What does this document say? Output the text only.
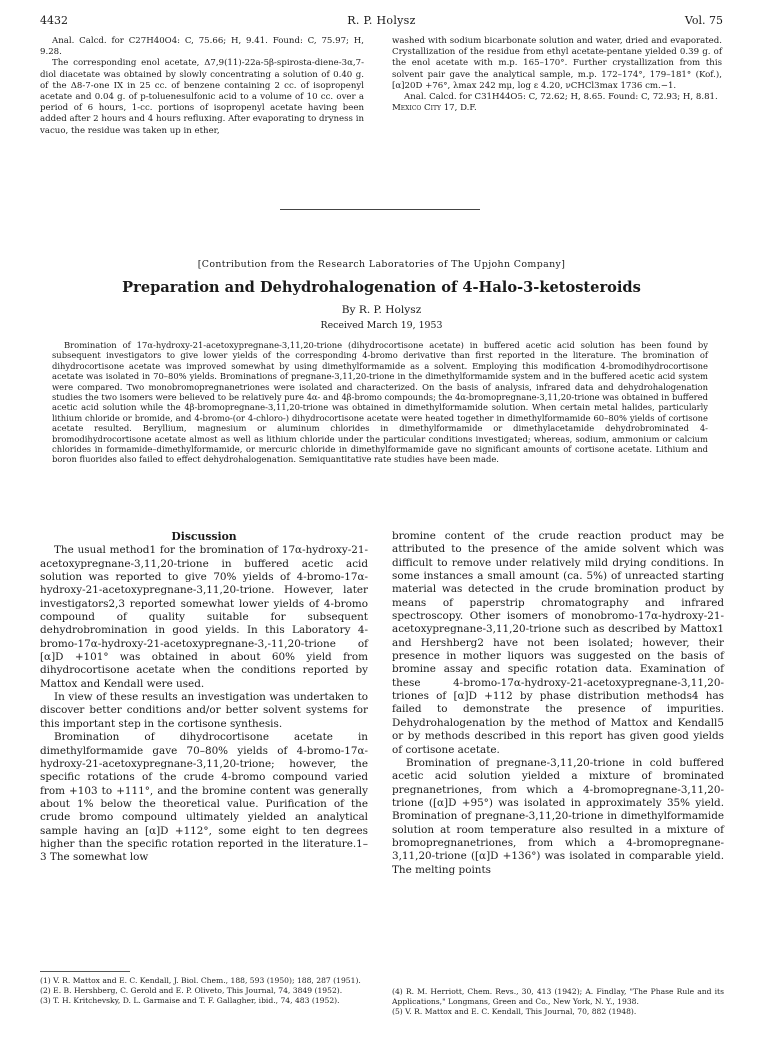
4432	R. P. Holysz	Vol. 75

Anal. Calcd. for C27H40O4: C, 75.66; H, 9.41. Found: C, 75.97; H, 9.28.

The corresponding enol acetate, Δ7,9(11)-22a-5β-spirosta-diene-3α,7-diol diacetate was obtained by slowly concentrating a solution of 0.40 g. of the Δ8-7-one IX in 25 cc. of benzene containing 2 cc. of isopropenyl acetate and 0.04 g. of p-toluenesulfonic acid to a volume of 10 cc. over a period of 6 hours, 1-cc. portions of isopropenyl acetate having been added after 2 hours and 4 hours refluxing. After evaporating to dryness in vacuo, the residue was taken up in ether,

washed with sodium bicarbonate solution and water, dried and evaporated. Crystallization of the residue from ethyl acetate-pentane yielded 0.39 g. of the enol acetate with m.p. 165–170°. Further crystallization from this solvent pair gave the analytical sample, m.p. 172–174°, 179–181° (Kof.), [α]20D +76°, λmax 242 mμ, log ε 4.20, νCHCl3max 1736 cm.−1.

Anal. Calcd. for C31H44O5: C, 72.62; H, 8.65. Found: C, 72.93; H, 8.81.

Mexico City 17, D.F.

[Contribution from the Research Laboratories of The Upjohn Company]
Preparation and Dehydrohalogenation of 4-Halo-3-ketosteroids
By R. P. Holysz
Received March 19, 1953
Bromination of 17α-hydroxy-21-acetoxypregnane-3,11,20-trione (dihydrocortisone acetate) in buffered acetic acid solution has been found by subsequent investigators to give lower yields of the corresponding 4-bromo derivative than first reported in the literature. The bromination of dihydrocortisone acetate was improved somewhat by using dimethylformamide as a solvent. Employing this modification 4-bromodihydrocortisone acetate was isolated in 70–80% yields. Brominations of pregnane-3,11,20-trione in the dimethylformamide system and in the buffered acetic acid system were compared. Two monobromopregnanetriones were isolated and characterized. On the basis of analysis, infrared data and dehydrohalogenation studies the two isomers were believed to be relatively pure 4α- and 4β-bromo compounds; the 4α-bromopregnane-3,11,20-trione was obtained in buffered acetic acid solution while the 4β-bromopregnane-3,11,20-trione was obtained in dimethylformamide solution. When certain metal halides, particularly lithium chloride or bromide, and 4-bromo-(or 4-chloro-) dihydrocortisone acetate were heated together in dimethylformamide 60–80% yields of cortisone acetate resulted. Beryllium, magnesium or aluminum chlorides in dimethylformamide or dimethylacetamide dehydrobrominated 4-bromodihydrocortisone acetate almost as well as lithium chloride under the particular conditions investigated; whereas, sodium, ammonium or calcium chlorides in formamide–dimethylformamide, or mercuric chloride in dimethylformamide gave no significant amounts of cortisone acetate. Lithium and boron fluorides also failed to effect dehydrohalogenation. Semiquantitative rate studies have been made.
Discussion

The usual method1 for the bromination of 17α-hydroxy-21-acetoxypregnane-3,11,20-trione in buffered acetic acid solution was reported to give 70% yields of 4-bromo-17α-hydroxy-21-acetoxypregnane-3,11,20-trione. However, later investigators2,3 reported somewhat lower yields of 4-bromo compound of quality suitable for subsequent dehydrobromination in good yields. In this Laboratory 4-bromo-17α-hydroxy-21-acetoxypregnane-3,-11,20-trione of [α]D +101° was obtained in about 60% yield from dihydrocortisone acetate when the conditions reported by Mattox and Kendall were used.

In view of these results an investigation was undertaken to discover better conditions and/or better solvent systems for this important step in the cortisone synthesis.

Bromination of dihydrocortisone acetate in dimethylformamide gave 70–80% yields of 4-bromo-17α-hydroxy-21-acetoxypregnane-3,11,20-trione; however, the specific rotations of the crude 4-bromo compound varied from +103 to +111°, and the bromine content was generally about 1% below the theoretical value. Purification of the crude bromo compound ultimately yielded an analytical sample having an [α]D +112°, some eight to ten degrees higher than the specific rotation reported in the literature.1–3 The somewhat low

bromine content of the crude reaction product may be attributed to the presence of the amide solvent which was difficult to remove under relatively mild drying conditions. In some instances a small amount (ca. 5%) of unreacted starting material was detected in the crude bromination product by means of paperstrip chromatography and infrared spectroscopy. Other isomers of monobromo-17α-hydroxy-21-acetoxypregnane-3,11,20-trione such as described by Mattox1 and Hershberg2 have not been isolated; however, their presence in mother liquors was suggested on the basis of bromine assay and specific rotation data. Examination of these 4-bromo-17α-hydroxy-21-acetoxypregnane-3,11,20-triones of [α]D +112 by phase distribution methods4 has failed to demonstrate the presence of impurities. Dehydrohalogenation by the method of Mattox and Kendall5 or by methods described in this report has given good yields of cortisone acetate.

Bromination of pregnane-3,11,20-trione in cold buffered acetic acid solution yielded a mixture of brominated pregnanetriones, from which a 4-bromopregnane-3,11,20-trione ([α]D +95°) was isolated in approximately 35% yield. Bromination of pregnane-3,11,20-trione in dimethylformamide solution at room temperature also resulted in a mixture of bromopregnanetriones, from which a 4-bromopregnane-3,11,20-trione ([α]D +136°) was isolated in comparable yield. The melting points

(1) V. R. Mattox and E. C. Kendall, J. Biol. Chem., 188, 593 (1950); 188, 287 (1951).

(2) E. B. Hershberg, C. Gerold and E. P. Oliveto, This Journal, 74, 3849 (1952).

(3) T. H. Kritchevsky, D. L. Garmaise and T. F. Gallagher, ibid., 74, 483 (1952).

(4) R. M. Herriott, Chem. Revs., 30, 413 (1942); A. Findlay, "The Phase Rule and its Applications," Longmans, Green and Co., New York, N. Y., 1938.

(5) V. R. Mattox and E. C. Kendall, This Journal, 70, 882 (1948).
